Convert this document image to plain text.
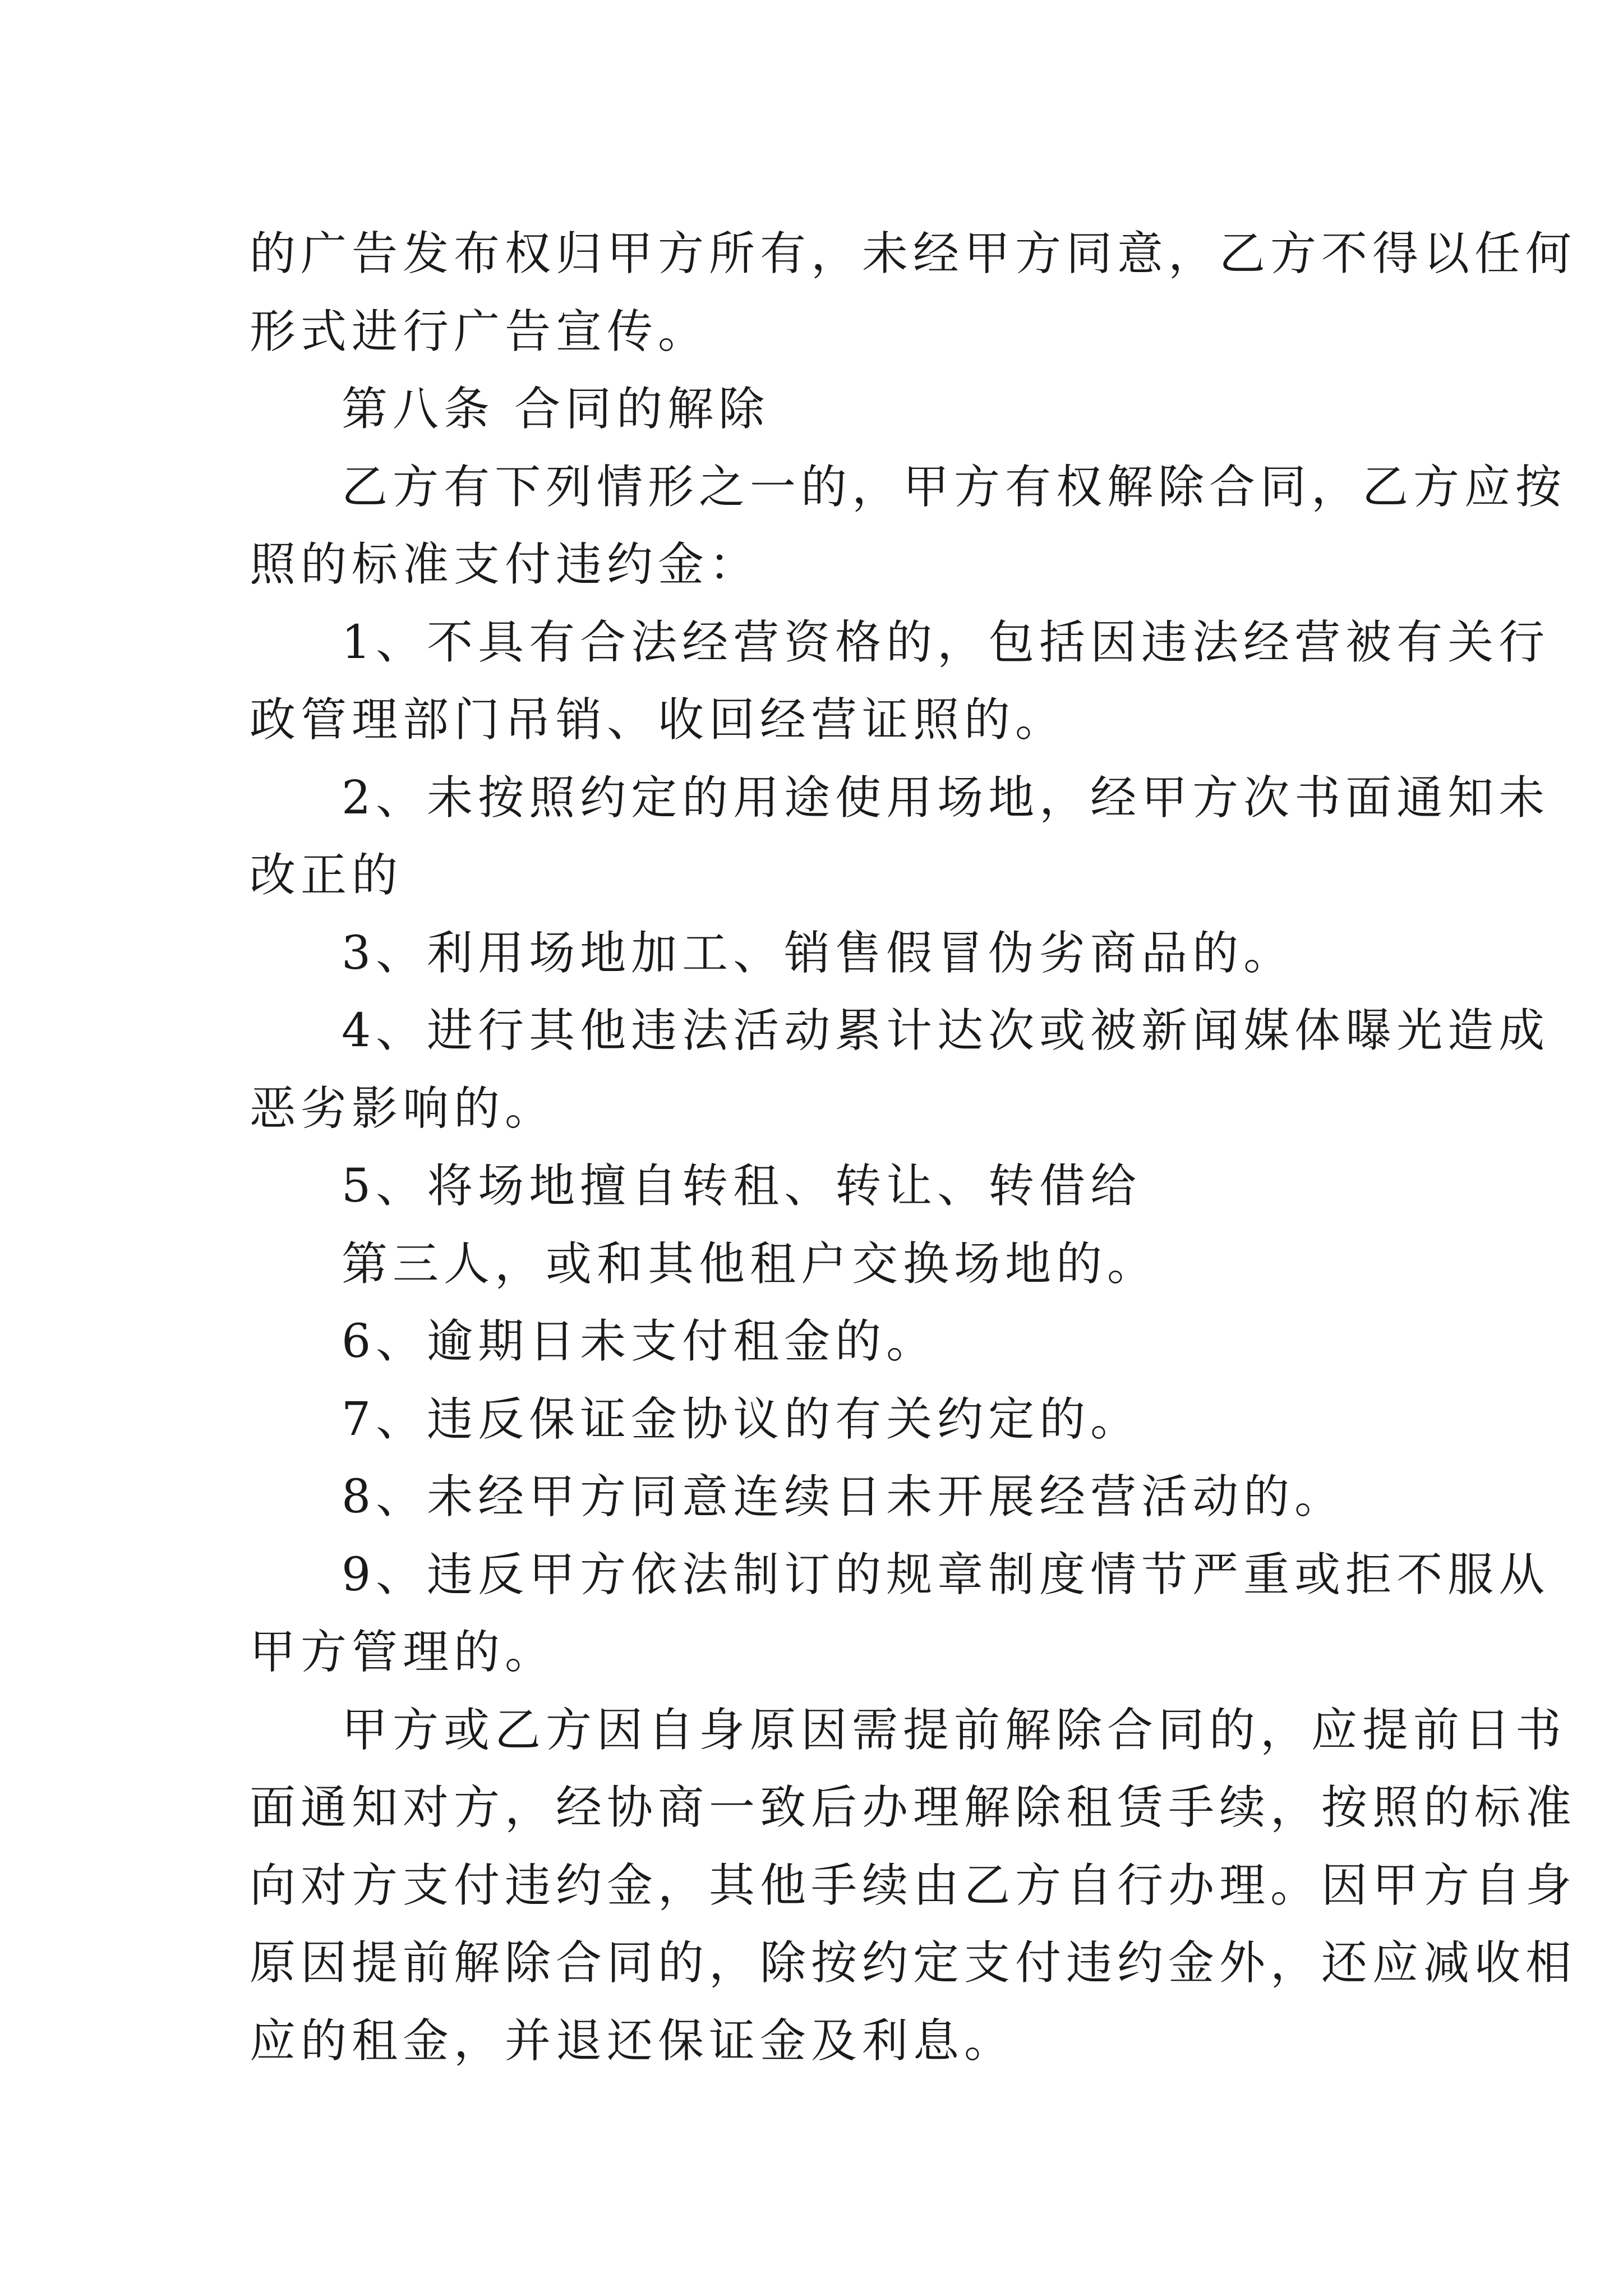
的广告发布权归甲方所有，未经甲方同意，乙方不得以任何
形式进行广告宣传。
第八条 合同的解除
乙方有下列情形之一的，甲方有权解除合同，乙方应按
照的标准支付违约金：
1、不具有合法经营资格的，包括因违法经营被有关行
政管理部门吊销、收回经营证照的。
2、未按照约定的用途使用场地，经甲方次书面通知未
改正的
3、利用场地加工、销售假冒伪劣商品的。
4、进行其他违法活动累计达次或被新闻媒体曝光造成
恶劣影响的。
5、将场地擅自转租、转让、转借给
第三人，或和其他租户交换场地的。
6、逾期日未支付租金的。
7、违反保证金协议的有关约定的。
8、未经甲方同意连续日未开展经营活动的。
9、违反甲方依法制订的规章制度情节严重或拒不服从
甲方管理的。
甲方或乙方因自身原因需提前解除合同的，应提前日书
面通知对方，经协商一致后办理解除租赁手续，按照的标准
向对方支付违约金，其他手续由乙方自行办理。因甲方自身
原因提前解除合同的，除按约定支付违约金外，还应减收相
应的租金，并退还保证金及利息。
